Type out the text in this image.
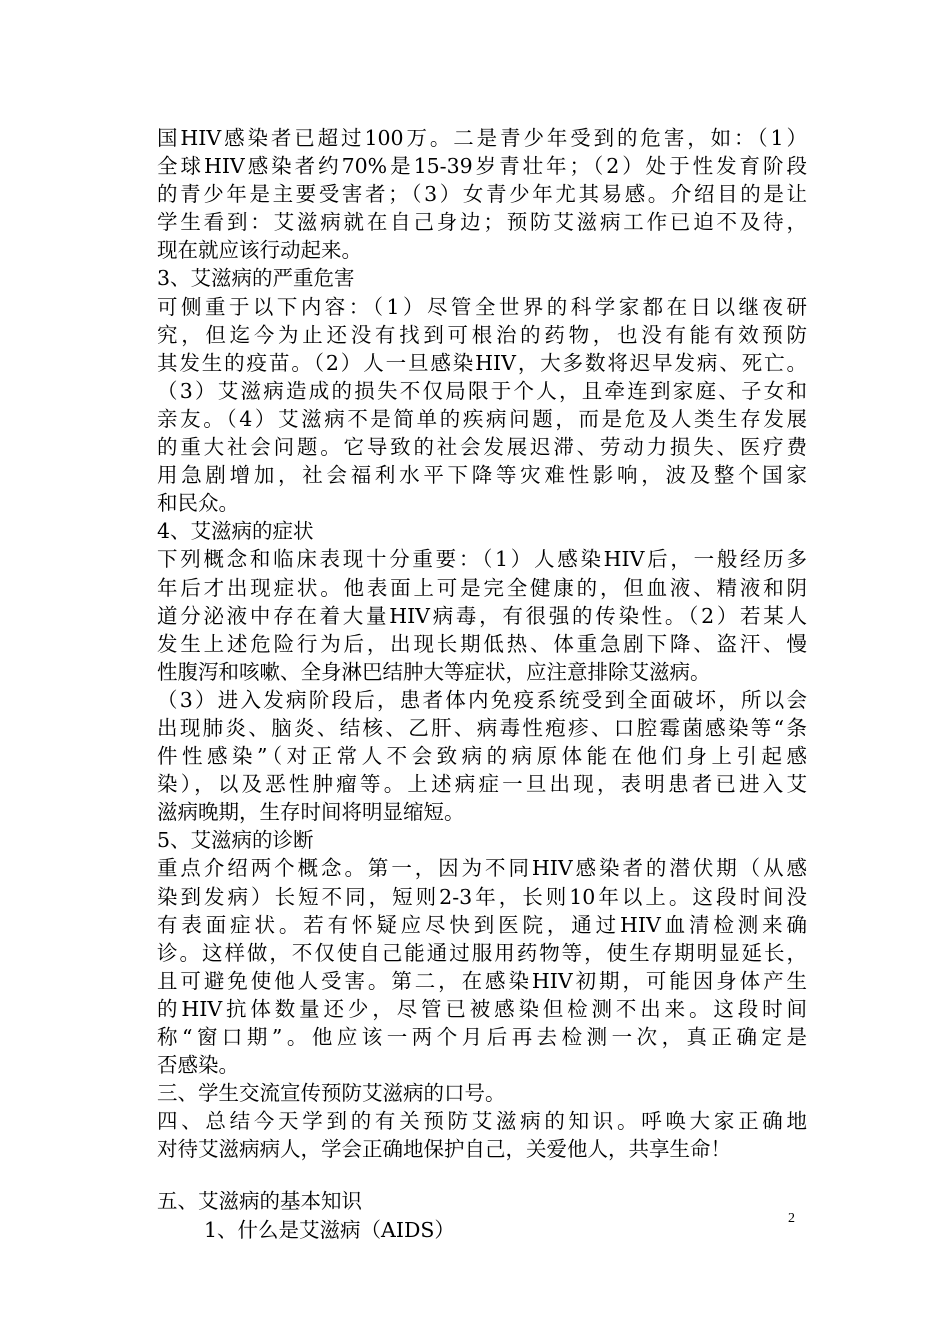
国HIV感染者已超过100万。二是青少年受到的危害，如：（1）
全球HIV感染者约70%是15-39岁青壮年；（2）处于性发育阶段
的青少年是主要受害者；（3）女青少年尤其易感。介绍目的是让
学生看到：艾滋病就在自己身边；预防艾滋病工作已迫不及待，
现在就应该行动起来。
3、艾滋病的严重危害
可侧重于以下内容：（1）尽管全世界的科学家都在日以继夜研
究，但迄今为止还没有找到可根治的药物，也没有能有效预防
其发生的疫苗。（2）人一旦感染HIV，大多数将迟早发病、死亡。
（3）艾滋病造成的损失不仅局限于个人，且牵连到家庭、子女和
亲友。（4）艾滋病不是简单的疾病问题，而是危及人类生存发展
的重大社会问题。它导致的社会发展迟滞、劳动力损失、医疗费
用急剧增加，社会福利水平下降等灾难性影响，波及整个国家
和民众。
4、艾滋病的症状
下列概念和临床表现十分重要：（1）人感染HIV后，一般经历多
年后才出现症状。他表面上可是完全健康的，但血液、精液和阴
道分泌液中存在着大量HIV病毒，有很强的传染性。（2）若某人
发生上述危险行为后，出现长期低热、体重急剧下降、盗汗、慢
性腹泻和咳嗽、全身淋巴结肿大等症状，应注意排除艾滋病。
（3）进入发病阶段后，患者体内免疫系统受到全面破坏，所以会
出现肺炎、脑炎、结核、乙肝、病毒性疱疹、口腔霉菌感染等“条
件性感染”（对正常人不会致病的病原体能在他们身上引起感
染），以及恶性肿瘤等。上述病症一旦出现，表明患者已进入艾
滋病晚期，生存时间将明显缩短。
5、艾滋病的诊断
重点介绍两个概念。第一，因为不同HIV感染者的潜伏期（从感
染到发病）长短不同，短则2-3年，长则10年以上。这段时间没
有表面症状。若有怀疑应尽快到医院，通过HIV血清检测来确
诊。这样做，不仅使自己能通过服用药物等，使生存期明显延长，
且可避免使他人受害。第二，在感染HIV初期，可能因身体产生
的HIV抗体数量还少，尽管已被感染但检测不出来。这段时间
称“窗口期”。他应该一两个月后再去检测一次，真正确定是
否感染。
三、学生交流宣传预防艾滋病的口号。
四、总结今天学到的有关预防艾滋病的知识。呼唤大家正确地
对待艾滋病病人，学会正确地保护自己，关爱他人，共享生命！
五、艾滋病的基本知识
1、什么是艾滋病（AIDS）	2
